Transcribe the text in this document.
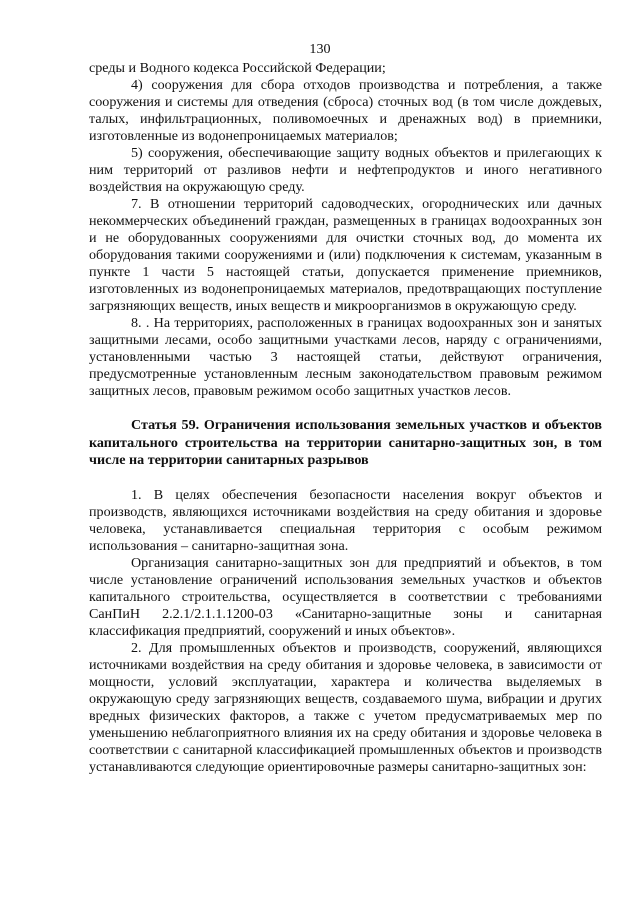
130

среды и Водного кодекса Российской Федерации;

4) сооружения для сбора отходов производства и потребления, а также сооружения и системы для отведения (сброса) сточных вод (в том числе дождевых, талых, инфильтрационных, поливомоечных и дренажных вод) в приемники, изготовленные из водонепроницаемых материалов;

5) сооружения, обеспечивающие защиту водных объектов и прилегающих к ним территорий от разливов нефти и нефтепродуктов и иного негативного воздействия на окружающую среду.

7. В отношении территорий садоводческих, огороднических или дачных некоммерческих объединений граждан, размещенных в границах водоохранных зон и не оборудованных сооружениями для очистки сточных вод, до момента их оборудования такими сооружениями и (или) подключения к системам, указанным в пункте 1 части 5 настоящей статьи, допускается применение приемников, изготовленных из водонепроницаемых материалов, предотвращающих поступление загрязняющих веществ, иных веществ и микроорганизмов в окружающую среду.

8. . На территориях, расположенных в границах водоохранных зон и занятых защитными лесами, особо защитными участками лесов, наряду с ограничениями, установленными частью 3 настоящей статьи, действуют ограничения, предусмотренные установленным лесным законодательством правовым режимом защитных лесов, правовым режимом особо защитных участков лесов.

Статья 59. Ограничения использования земельных участков и объектов капитального строительства на территории санитарно-защитных зон, в том числе на территории санитарных разрывов

1. В целях обеспечения безопасности населения вокруг объектов и производств, являющихся источниками воздействия на среду обитания и здоровье человека, устанавливается специальная территория с особым режимом использования – санитарно-защитная зона.

Организация санитарно-защитных зон для предприятий и объектов, в том числе установление ограничений использования земельных участков и объектов капитального строительства, осуществляется в соответствии с требованиями СанПиН 2.2.1/2.1.1.1200-03 «Санитарно-защитные зоны и санитарная классификация предприятий, сооружений и иных объектов».

2. Для промышленных объектов и производств, сооружений, являющихся источниками воздействия на среду обитания и здоровье человека, в зависимости от мощности, условий эксплуатации, характера и количества выделяемых в окружающую среду загрязняющих веществ, создаваемого шума, вибрации и других вредных физических факторов, а также с учетом предусматриваемых мер по уменьшению неблагоприятного влияния их на среду обитания и здоровье человека в соответствии с санитарной классификацией промышленных объектов и производств устанавливаются следующие ориентировочные размеры санитарно-защитных зон:
